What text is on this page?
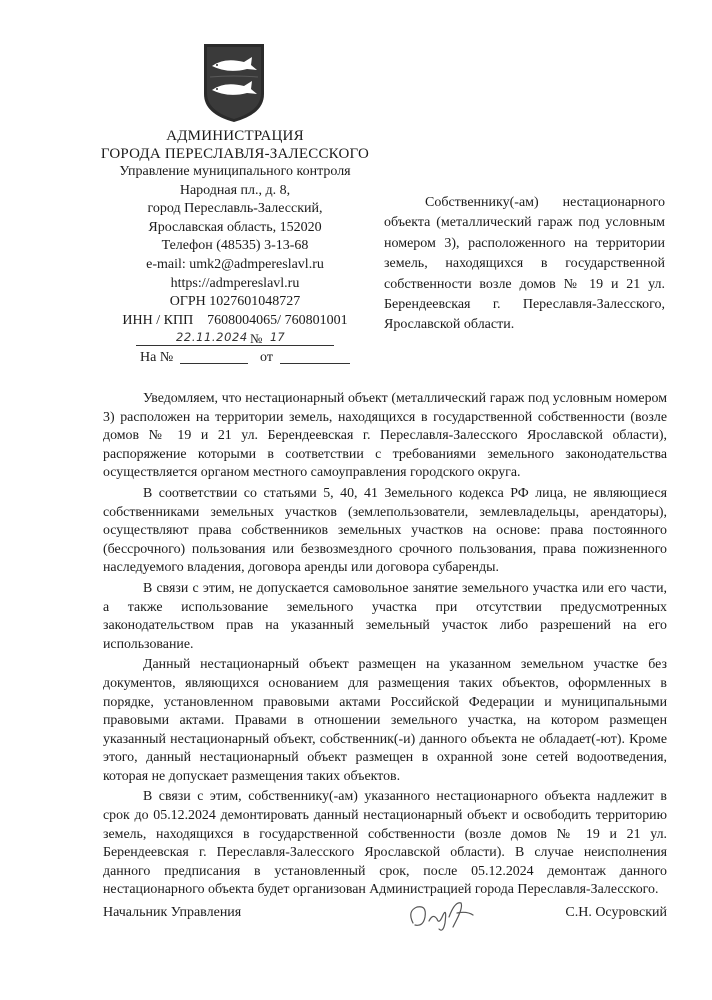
АДМИНИСТРАЦИЯ
ГОРОДА ПЕРЕСЛАВЛЯ-ЗАЛЕССКОГО
Управление муниципального контроля
Народная пл., д. 8,
город Переславль-Залесский,
Ярославская область, 152020
Телефон (48535) 3-13-68
e-mail: umk2@admpereslavl.ru
https://admpereslavl.ru
ОГРН 1027601048727
ИНН / КПП    7608004065/ 760801001
22.11.2024 № 17
На №	от
Собственнику(-ам) нестационарного объекта (металлический гараж под условным номером 3), расположенного на территории земель, находящихся в государственной собственности возле домов № 19 и 21 ул. Берендеевская г. Переславля-Залесского, Ярославской области.

Уведомляем, что нестационарный объект (металлический гараж под условным номером 3) расположен на территории земель, находящихся в государственной собственности (возле домов № 19 и 21 ул. Берендеевская г. Переславля-Залесского Ярославской области), распоряжение которыми в соответствии с требованиями земельного законодательства осуществляется органом местного самоуправления городского округа.

В соответствии со статьями 5, 40, 41 Земельного кодекса РФ лица, не являющиеся собственниками земельных участков (землепользователи, землевладельцы, арендаторы), осуществляют права собственников земельных участков на основе: права постоянного (бессрочного) пользования или безвозмездного срочного пользования, права пожизненного наследуемого владения, договора аренды или договора субаренды.

В связи с этим, не допускается самовольное занятие земельного участка или его части, а также использование земельного участка при отсутствии предусмотренных законодательством прав на указанный земельный участок либо разрешений на его использование.

Данный нестационарный объект размещен на указанном земельном участке без документов, являющихся основанием для размещения таких объектов, оформленных в порядке, установленном правовыми актами Российской Федерации и муниципальными правовыми актами. Правами в отношении земельного участка, на котором размещен указанный нестационарный объект, собственник(-и) данного объекта не обладает(-ют). Кроме этого, данный нестационарный объект размещен в охранной зоне сетей водоотведения, которая не допускает размещения таких объектов.

В связи с этим, собственнику(-ам) указанного нестационарного объекта надлежит в срок до 05.12.2024 демонтировать данный нестационарный объект и освободить территорию земель, находящихся в государственной собственности (возле домов № 19 и 21 ул. Берендеевская г. Переславля-Залесского Ярославской области). В случае неисполнения данного предписания в установленный срок, после 05.12.2024 демонтаж данного нестационарного объекта будет организован Администрацией города Переславля-Залесского.

Начальник Управления	С.Н. Осуровский
